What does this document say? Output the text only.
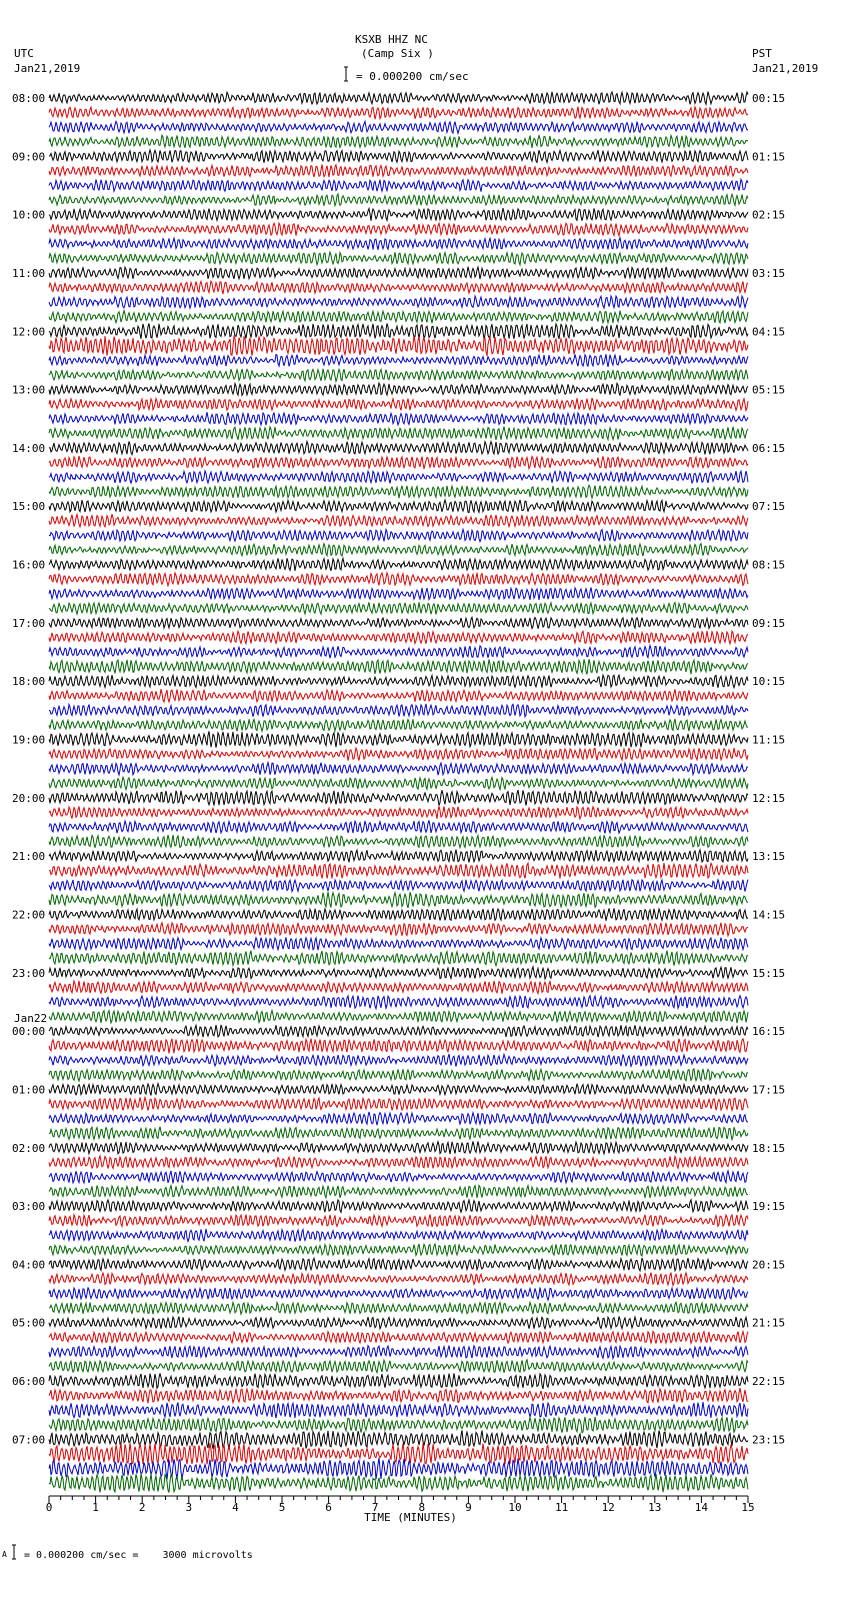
KSXB HHZ NC
(Camp Six )
UTC
Jan21,2019
PST
Jan21,2019

= 0.000200 cm/sec
08:00
09:00
10:00
11:00
12:00
13:00
14:00
15:00
16:00
17:00
18:00
19:00
20:00
21:00
22:00
23:00
00:00
Jan22
01:00
02:00
03:00
04:00
05:00
06:00
07:00
00:15
01:15
02:15
03:15
04:15
05:15
06:15
07:15
08:15
09:15
10:15
11:15
12:15
13:15
14:15
15:15
16:15
17:15
18:15
19:15
20:15
21:15
22:15
23:15
0	1	2	3	4	5	6	7	8	9	10	11	12	13	14	15
TIME (MINUTES)
A

= 0.000200 cm/sec =    3000 microvolts
